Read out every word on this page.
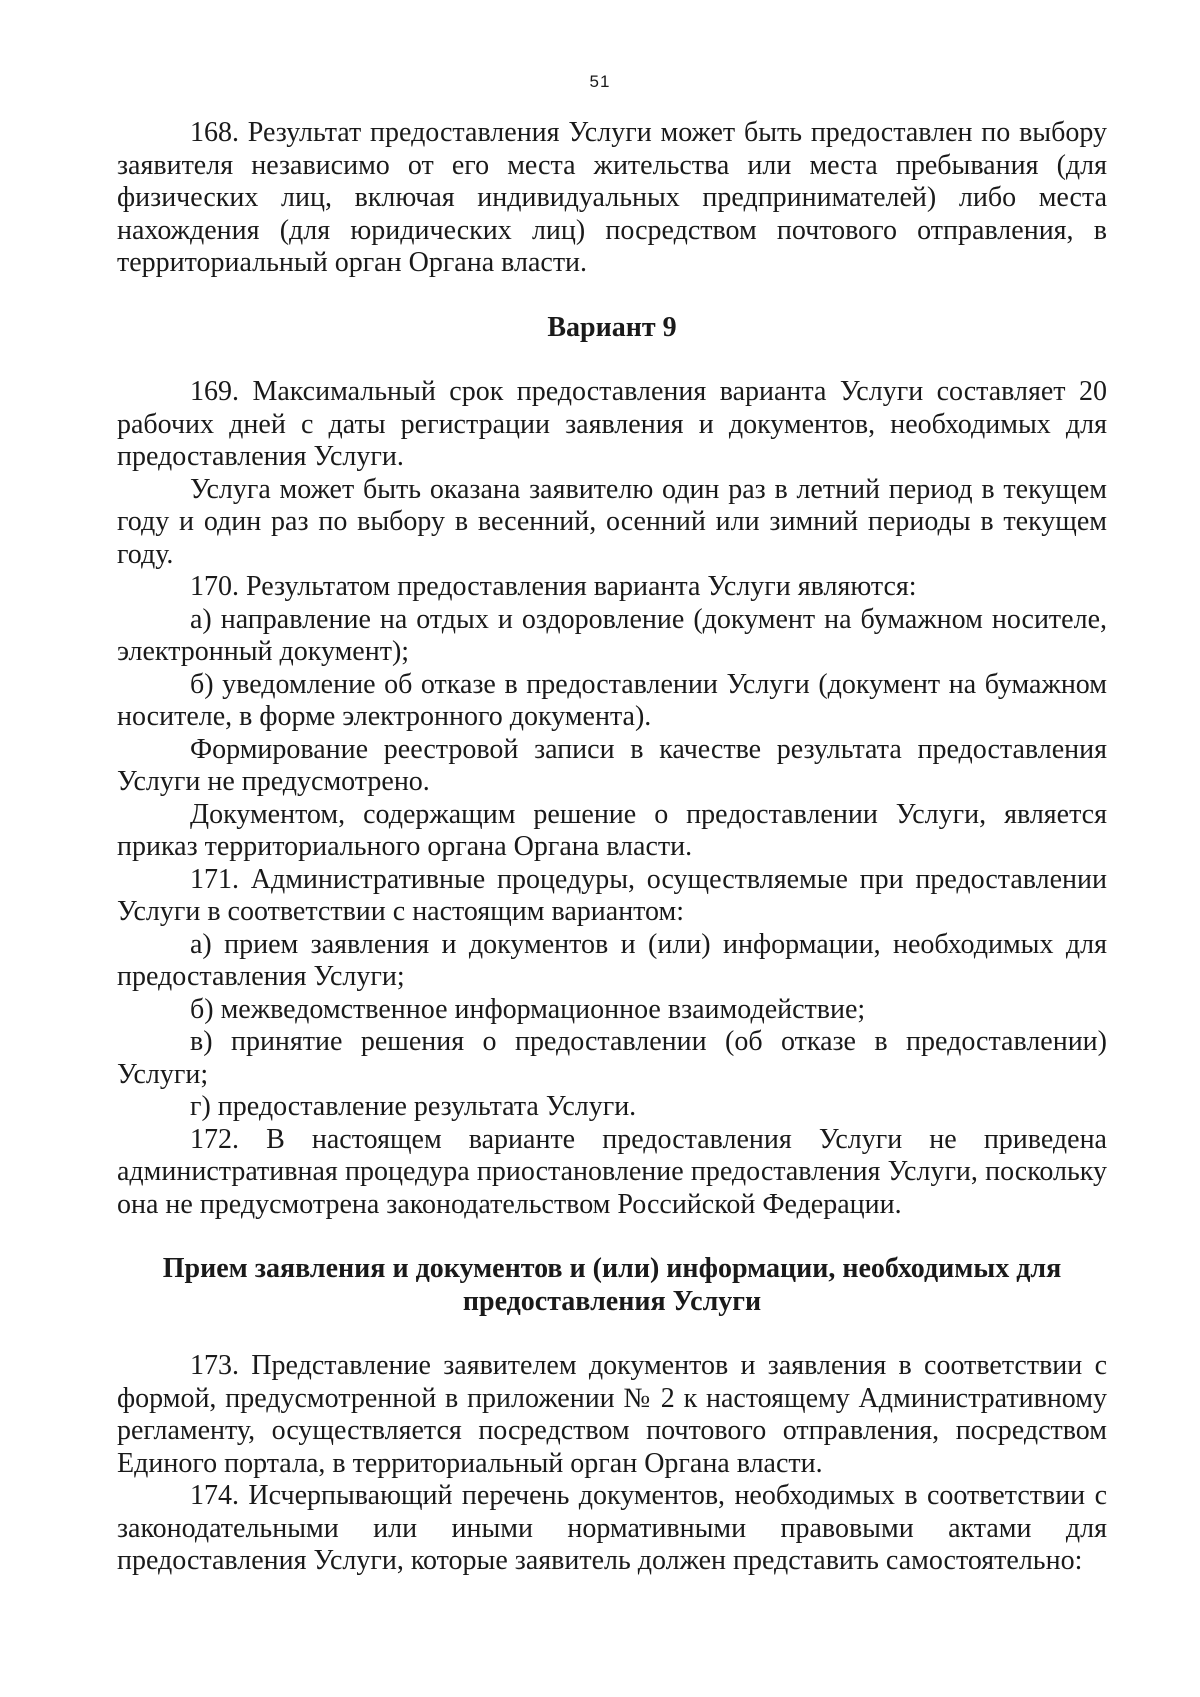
51

168. Результат предоставления Услуги может быть предоставлен по выбору заявителя независимо от его места жительства или места пребывания (для физических лиц, включая индивидуальных предпринимателей) либо места нахождения (для юридических лиц) посредством почтового отправления, в территориальный орган Органа власти.

Вариант 9

169. Максимальный срок предоставления варианта Услуги составляет 20 рабочих дней с даты регистрации заявления и документов, необходимых для предоставления Услуги.

Услуга может быть оказана заявителю один раз в летний период в текущем году и один раз по выбору в весенний, осенний или зимний периоды в текущем году.

170. Результатом предоставления варианта Услуги являются:

а) направление на отдых и оздоровление (документ на бумажном носителе, электронный документ);

б) уведомление об отказе в предоставлении Услуги (документ на бумажном носителе, в форме электронного документа).

Формирование реестровой записи в качестве результата предоставления Услуги не предусмотрено.

Документом, содержащим решение о предоставлении Услуги, является приказ территориального органа Органа власти.

171. Административные процедуры, осуществляемые при предоставлении Услуги в соответствии с настоящим вариантом:

а) прием заявления и документов и (или) информации, необходимых для предоставления Услуги;

б) межведомственное информационное взаимодействие;

в) принятие решения о предоставлении (об отказе в предоставлении) Услуги;

г) предоставление результата Услуги.

172. В настоящем варианте предоставления Услуги не приведена административная процедура приостановление предоставления Услуги, поскольку она не предусмотрена законодательством Российской Федерации.

Прием заявления и документов и (или) информации, необходимых для предоставления Услуги

173. Представление заявителем документов и заявления в соответствии с формой, предусмотренной в приложении № 2 к настоящему Административному регламенту, осуществляется посредством почтового отправления, посредством Единого портала, в территориальный орган Органа власти.

174. Исчерпывающий перечень документов, необходимых в соответствии с законодательными или иными нормативными правовыми актами для предоставления Услуги, которые заявитель должен представить самостоятельно:
